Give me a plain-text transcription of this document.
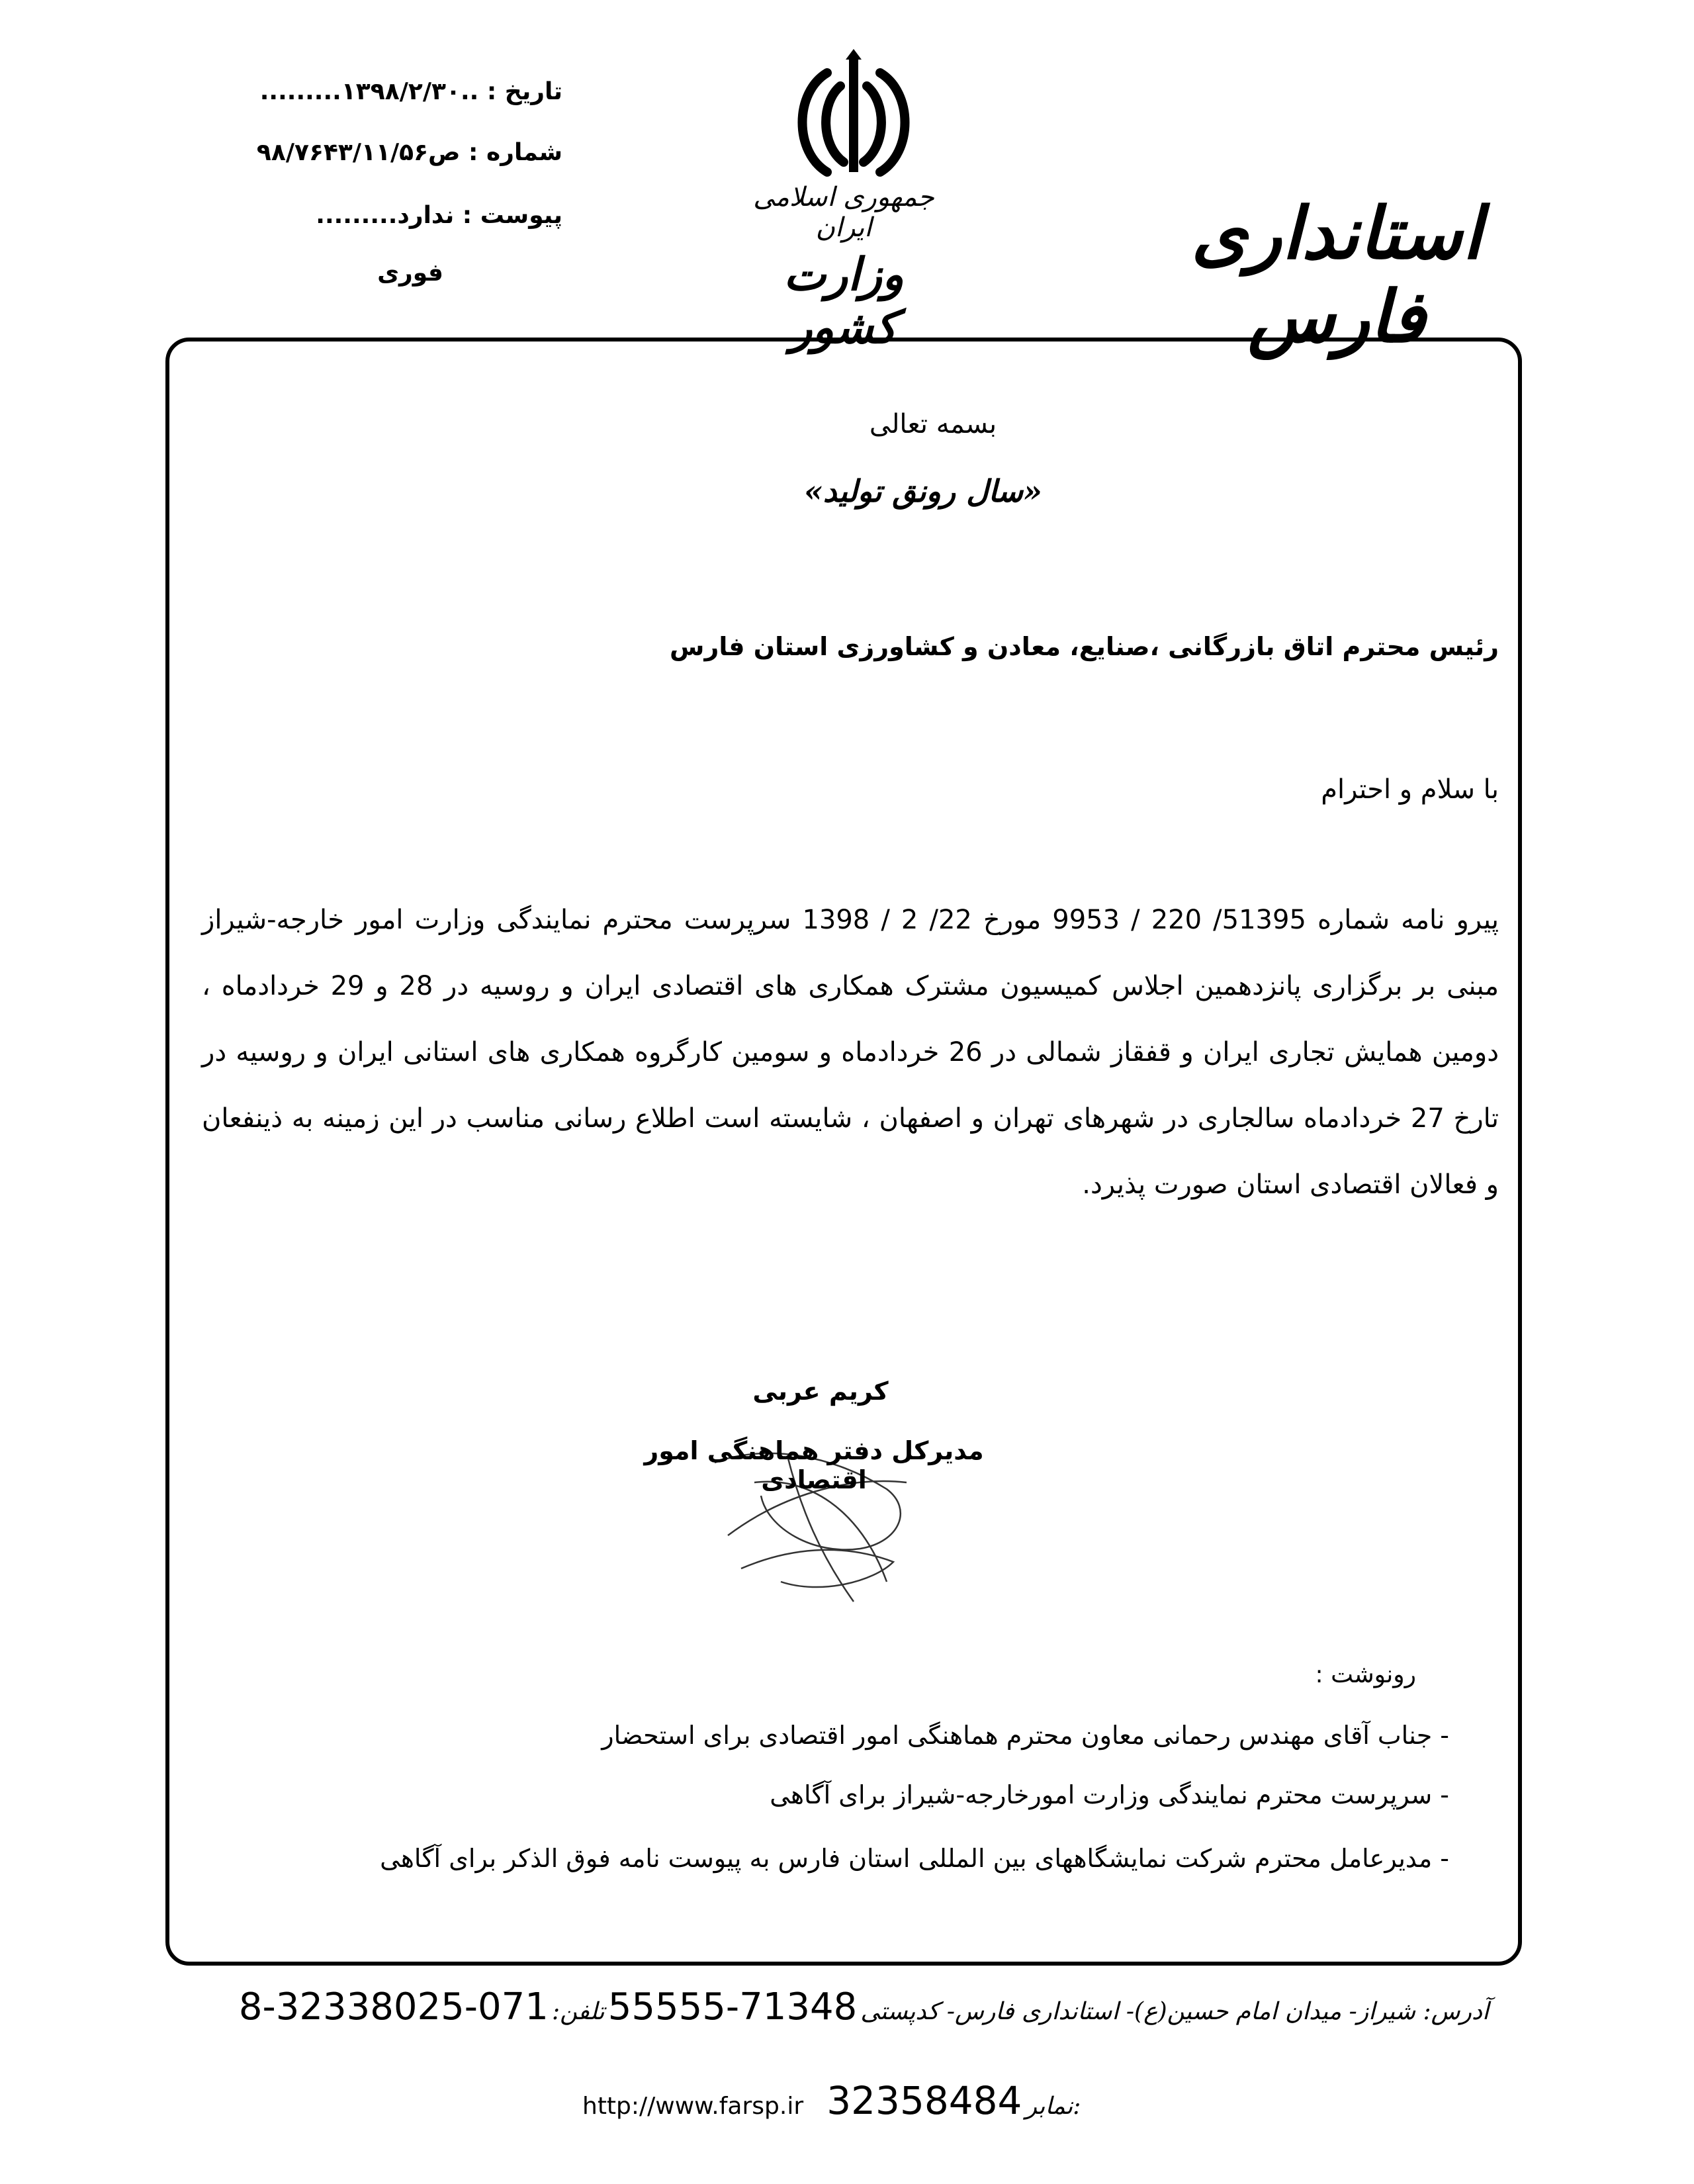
تاریخ : ..۱۳۹۸/۲/۳۰.........
شماره : ص۹۸/۷۶۴۳/۱۱/۵۶
پیوست : ندارد.........
فوری
جمهوری اسلامی ایران
وزارت کشور
استانداری فارس
بسمه تعالی
«سال رونق تولید»
رئیس محترم اتاق بازرگانی ،صنایع، معادن و کشاورزی استان فارس
با سلام و احترام
پیرو نامه شماره 51395/ 220 / 9953 مورخ 22/ 2 / 1398 سرپرست محترم نمایندگی وزارت امور خارجه-شیراز مبنی بر برگزاری پانزدهمین اجلاس کمیسیون مشترک همکاری های اقتصادی ایران و روسیه در 28 و 29 خردادماه ، دومین همایش تجاری ایران و قفقاز شمالی در 26 خردادماه و سومین کارگروه همکاری های استانی ایران و روسیه در تارخ 27 خردادماه سالجاری در شهرهای تهران و اصفهان ، شایسته است اطلاع رسانی مناسب در این زمینه به ذینفعان و فعالان اقتصادی استان صورت پذیرد.
کریم عربی
مدیرکل دفتر هماهنگی امور اقتصادی
رونوشت :
- جناب آقای مهندس رحمانی معاون محترم هماهنگی امور اقتصادی برای استحضار
- سرپرست محترم نمایندگی وزارت امورخارجه-شیراز برای آگاهی
- مدیرعامل محترم شرکت نمایشگاههای بین المللی استان فارس به پیوست نامه فوق الذکر برای آگاهی
آدرس: شیراز- میدان امام حسین(ع)- استانداری فارس- کدپستی 71348-55555 تلفن: 071-32338025-8
http://www.farsp.ir 32358484 نمابر:
